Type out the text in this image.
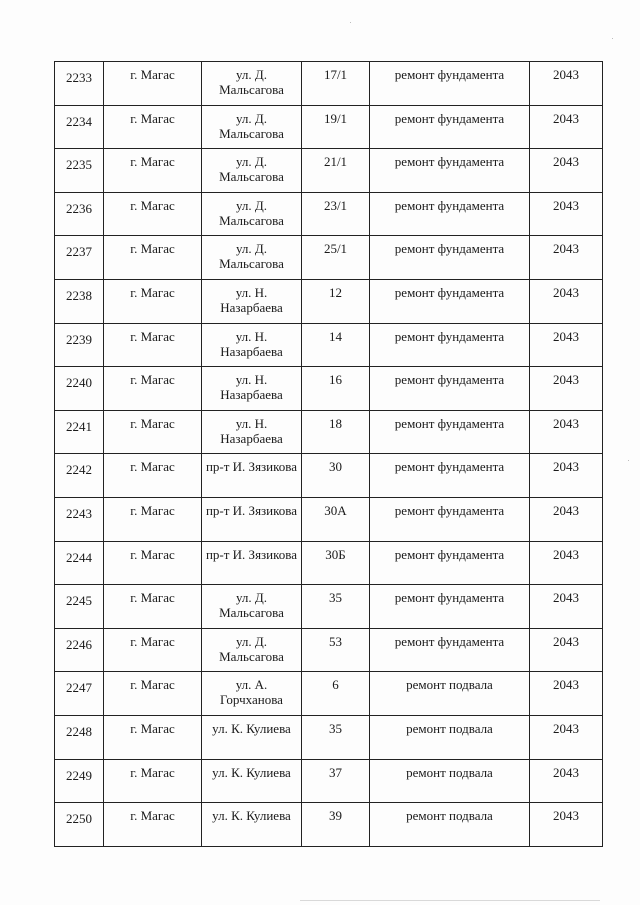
2233	г. Магас	ул. Д. Мальсагова	17/1	ремонт фундамента	2043
2234	г. Магас	ул. Д. Мальсагова	19/1	ремонт фундамента	2043
2235	г. Магас	ул. Д. Мальсагова	21/1	ремонт фундамента	2043
2236	г. Магас	ул. Д. Мальсагова	23/1	ремонт фундамента	2043
2237	г. Магас	ул. Д. Мальсагова	25/1	ремонт фундамента	2043
2238	г. Магас	ул. Н. Назарбаева	12	ремонт фундамента	2043
2239	г. Магас	ул. Н. Назарбаева	14	ремонт фундамента	2043
2240	г. Магас	ул. Н. Назарбаева	16	ремонт фундамента	2043
2241	г. Магас	ул. Н. Назарбаева	18	ремонт фундамента	2043
2242	г. Магас	пр-т И. Зязикова	30	ремонт фундамента	2043
2243	г. Магас	пр-т И. Зязикова	30А	ремонт фундамента	2043
2244	г. Магас	пр-т И. Зязикова	30Б	ремонт фундамента	2043
2245	г. Магас	ул. Д. Мальсагова	35	ремонт фундамента	2043
2246	г. Магас	ул. Д. Мальсагова	53	ремонт фундамента	2043
2247	г. Магас	ул. А. Горчханова	6	ремонт подвала	2043
2248	г. Магас	ул. К. Кулиева	35	ремонт подвала	2043
2249	г. Магас	ул. К. Кулиева	37	ремонт подвала	2043
2250	г. Магас	ул. К. Кулиева	39	ремонт подвала	2043
